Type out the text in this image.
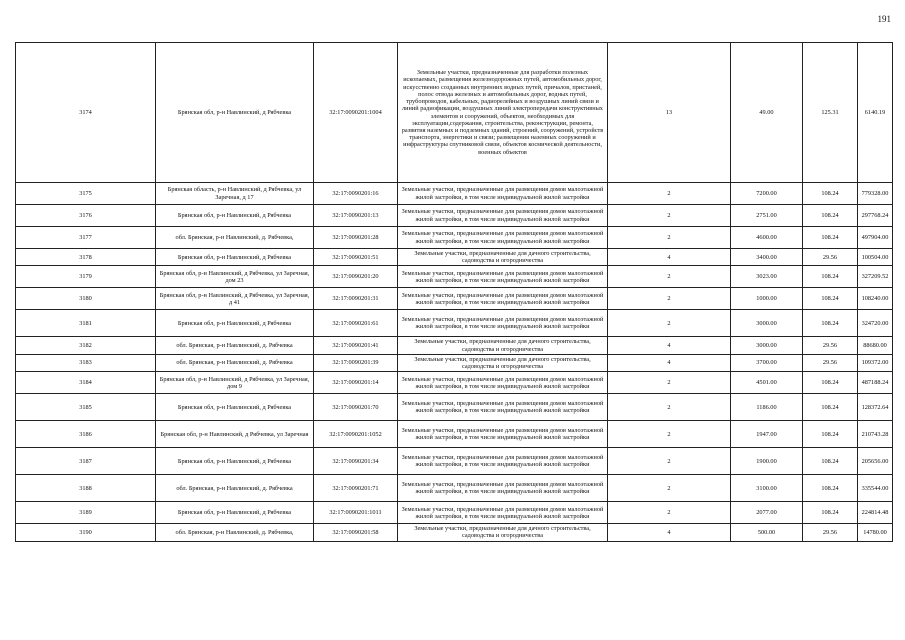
191
3174	Брянская обл, р-н Навлинский, д Рябчевка	32:17:0090201:1004	Земельные участки, предназначенные для разработки полезных ископаемых, размещения железнодорожных путей, автомобильных дорог, искусственно созданных внутренних водных путей, причалов, пристаней, полос отвода железных и автомобильных дорог, водных путей, трубопроводов, кабельных, радиорелейных и воздушных линий связи и линий радиофикации, воздушных линий электропередачи конструктивных элементов и сооружений, объектов, необходимых для эксплуатации,содержания, строительства, реконструкции, ремонта, развития наземных и подземных зданий, строений, сооружений, устройств транспорта, энергетики и связи; размещения наземных сооружений и инфраструктуры спутниковой связи, объектов космической деятельности, военных объектов	13	49.00	125.31	6140.19
3175	Брянская область, р-н Навлинский, д Рябчевка, ул Заречная, д 17	32:17:0090201:16	Земельные участки, предназначенные для размещения домов малоэтажной жилой застройки, в том числе индивидуальной жилой застройки	2	7200.00	108.24	779328.00
3176	Брянская обл, р-н Навлинский, д Рябчевка	32:17:0090201:13	Земельные участки, предназначенные для размещения домов малоэтажной жилой застройки, в том числе индивидуальной жилой застройки	2	2751.00	108.24	297768.24
3177	обл. Брянская, р-н Навлинский, д. Рябчевка,	32:17:0090201:28	Земельные участки, предназначенные для размещения домов малоэтажной жилой застройки, в том числе индивидуальной жилой застройки	2	4600.00	108.24	497904.00
3178	Брянская обл, р-н Навлинский, д Рябчевка	32:17:0090201:51	Земельные участки, предназначенные для дачного строительства, садоводства и огородничества	4	3400.00	29.56	100504.00
3179	Брянская обл, р-н Навлинский, д Рябчевка, ул Заречная, дом 23	32:17:0090201:20	Земельные участки, предназначенные для размещения домов малоэтажной жилой застройки, в том числе индивидуальной жилой застройки	2	3023.00	108.24	327209.52
3180	Брянская обл, р-н Навлинский, д Рябчевка, ул Заречная, д 41	32:17:0090201:31	Земельные участки, предназначенные для размещения домов малоэтажной жилой застройки, в том числе индивидуальной жилой застройки	2	1000.00	108.24	108240.00
3181	Брянская обл, р-н Навлинский, д Рябчевка	32:17:0090201:61	Земельные участки, предназначенные для размещения домов малоэтажной жилой застройки, в том числе индивидуальной жилой застройки	2	3000.00	108.24	324720.00
3182	обл. Брянская, р-н Навлинский, д. Рябчевка	32:17:0090201:41	Земельные участки, предназначенные для дачного строительства, садоводства и огородничества	4	3000.00	29.56	88680.00
3183	обл. Брянская, р-н Навлинский, д. Рябчевка	32:17:0090201:39	Земельные участки, предназначенные для дачного строительства, садоводства и огородничества	4	3700.00	29.56	109372.00
3184	Брянская обл, р-н Навлинский, д Рябчевка, ул Заречная, дом 9	32:17:0090201:14	Земельные участки, предназначенные для размещения домов малоэтажной жилой застройки, в том числе индивидуальной жилой застройки	2	4501.00	108.24	487188.24
3185	Брянская обл, р-н Навлинский, д Рябчевка	32:17:0090201:70	Земельные участки, предназначенные для размещения домов малоэтажной жилой застройки, в том числе индивидуальной жилой застройки	2	1186.00	108.24	128372.64
3186	Брянская обл, р-н Навлинский, д Рябчевка, ул Заречная	32:17:0090201:1052	Земельные участки, предназначенные для размещения домов малоэтажной жилой застройки, в том числе индивидуальной жилой застройки	2	1947.00	108.24	210743.28
3187	Брянская обл, р-н Навлинский, д Рябчевка	32:17:0090201:34	Земельные участки, предназначенные для размещения домов малоэтажной жилой застройки, в том числе индивидуальной жилой застройки	2	1900.00	108.24	205656.00
3188	обл. Брянская, р-н Навлинский, д. Рябчевка	32:17:0090201:71	Земельные участки, предназначенные для размещения домов малоэтажной жилой застройки, в том числе индивидуальной жилой застройки	2	3100.00	108.24	335544.00
3189	Брянская обл, р-н Навлинский, д Рябчевка	32:17:0090201:1011	Земельные участки, предназначенные для размещения домов малоэтажной жилой застройки, в том числе индивидуальной жилой застройки	2	2077.00	108.24	224814.48
3190	обл. Брянская, р-н Навлинский, д. Рябчевка,	32:17:0090201:58	Земельные участки, предназначенные для дачного строительства, садоводства и огородничества	4	500.00	29.56	14780.00
